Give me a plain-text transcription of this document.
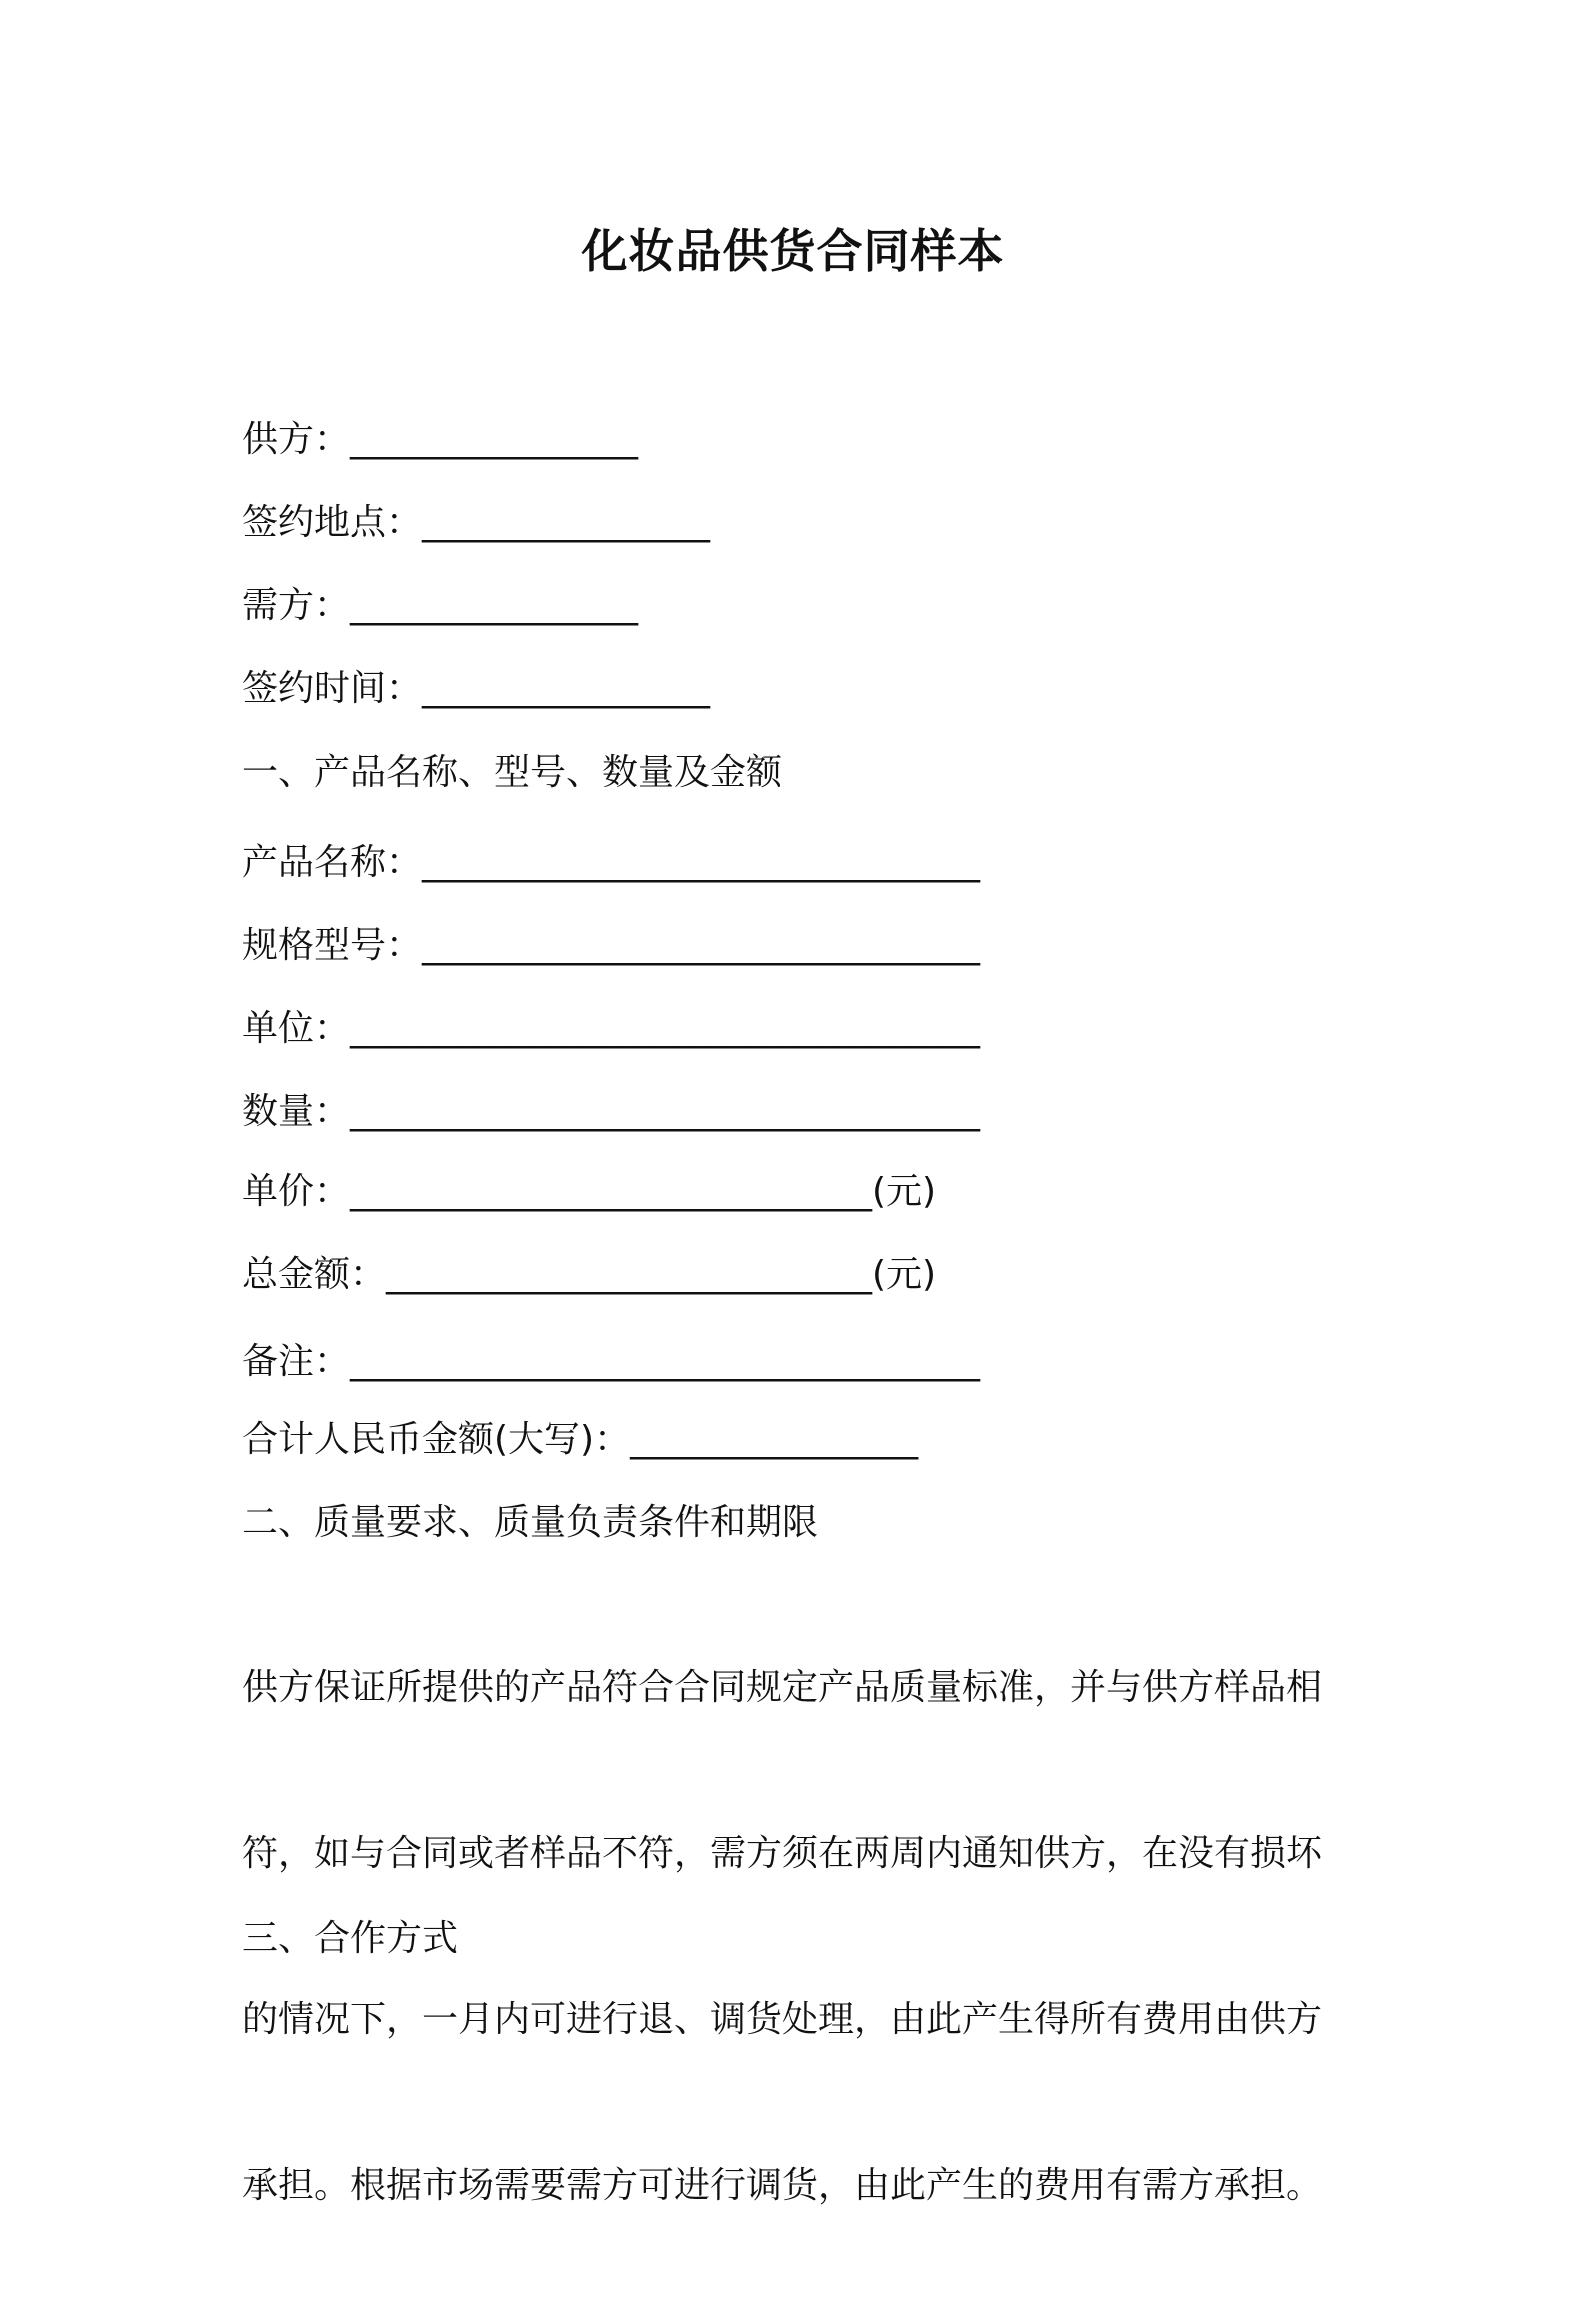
化妆品供货合同样本
供方：________________
签约地点：________________
需方：________________
签约时间：________________
一、产品名称、型号、数量及金额
产品名称：_______________________________
规格型号：_______________________________
单位：___________________________________
数量：___________________________________
单价：_____________________________(元)
总金额：___________________________(元)
备注：___________________________________
合计人民币金额(大写)：________________
二、质量要求、质量负责条件和期限

供方保证所提供的产品符合合同规定产品质量标准，并与供方样品相

符，如与合同或者样品不符，需方须在两周内通知供方，在没有损坏

的情况下，一月内可进行退、调货处理，由此产生得所有费用由供方

承担。根据市场需要需方可进行调货，由此产生的费用有需方承担。

三、合作方式
